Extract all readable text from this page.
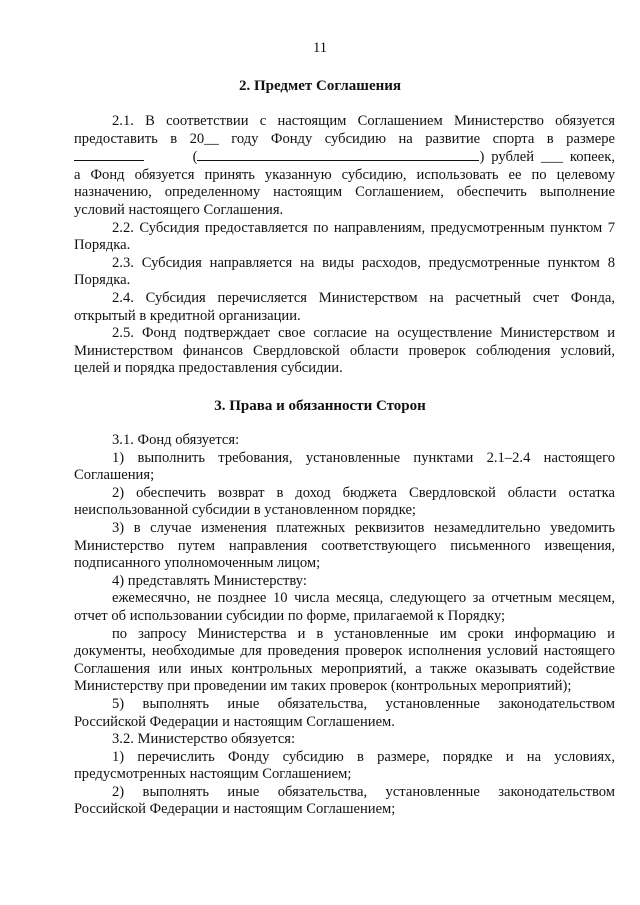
11
2. Предмет Соглашения
2.1. В соответствии с настоящим Соглашением Министерство обязуется
предоставить в 20__ году Фонду субсидию на развитие спорта в размере
(	) рублей ___ копеек,
а Фонд обязуется принять указанную субсидию, использовать ее по целевому назначению, определенному настоящим Соглашением, обеспечить выполнение условий настоящего Соглашения.

2.2. Субсидия предоставляется по направлениям, предусмотренным пунктом 7 Порядка.

2.3. Субсидия направляется на виды расходов, предусмотренные пунктом 8 Порядка.

2.4. Субсидия перечисляется Министерством на расчетный счет Фонда, открытый в кредитной организации.

2.5. Фонд подтверждает свое согласие на осуществление Министерством и Министерством финансов Свердловской области проверок соблюдения условий, целей и порядка предоставления субсидии.

3. Права и обязанности Сторон

3.1. Фонд обязуется:

1) выполнить требования, установленные пунктами 2.1–2.4 настоящего Соглашения;

2) обеспечить возврат в доход бюджета Свердловской области остатка неиспользованной субсидии в установленном порядке;

3) в случае изменения платежных реквизитов незамедлительно уведомить Министерство путем направления соответствующего письменного извещения, подписанного уполномоченным лицом;

4) представлять Министерству:

ежемесячно, не позднее 10 числа месяца, следующего за отчетным месяцем, отчет об использовании субсидии по форме, прилагаемой к Порядку;

по запросу Министерства и в установленные им сроки информацию и документы, необходимые для проведения проверок исполнения условий настоящего Соглашения или иных контрольных мероприятий, а также оказывать содействие Министерству при проведении им таких проверок (контрольных мероприятий);

5) выполнять иные обязательства, установленные законодательством Российской Федерации и настоящим Соглашением.

3.2. Министерство обязуется:

1) перечислить Фонду субсидию в размере, порядке и на условиях, предусмотренных настоящим Соглашением;

2) выполнять иные обязательства, установленные законодательством Российской Федерации и настоящим Соглашением;
